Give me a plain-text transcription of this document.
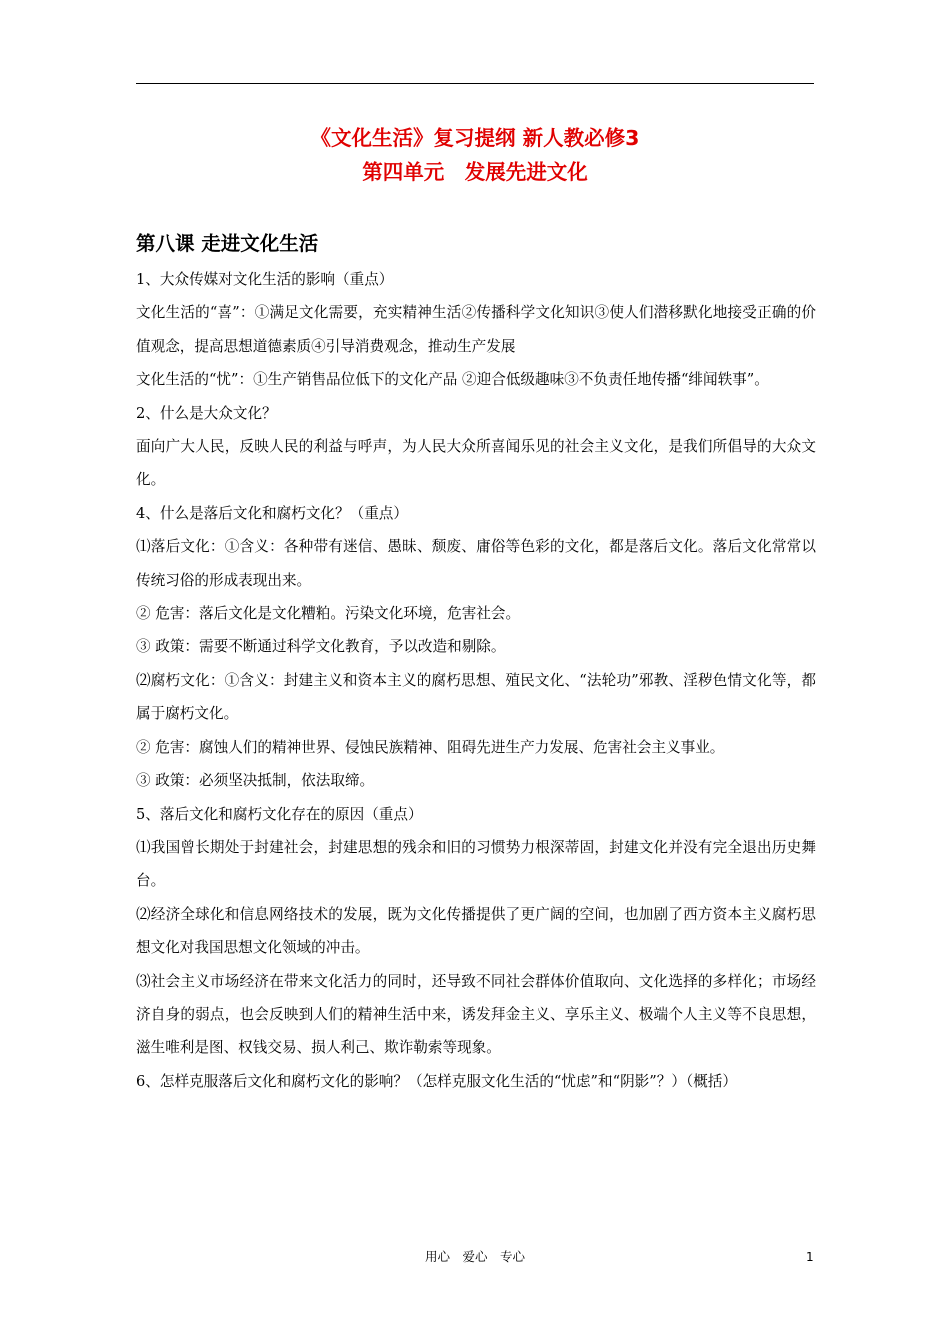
《文化生活》复习提纲 新人教必修3
第四单元　发展先进文化
第八课 走进文化生活

1、大众传媒对文化生活的影响（重点）

文化生活的“喜”：①满足文化需要，充实精神生活②传播科学文化知识③使人们潜移默化地接受正确的价值观念，提高思想道德素质④引导消费观念，推动生产发展

文化生活的“忧”：①生产销售品位低下的文化产品 ②迎合低级趣味③不负责任地传播“绯闻轶事”。

2、什么是大众文化？

面向广大人民，反映人民的利益与呼声，为人民大众所喜闻乐见的社会主义文化，是我们所倡导的大众文化。

4、什么是落后文化和腐朽文化？（重点）

⑴落后文化：①含义：各种带有迷信、愚昧、颓废、庸俗等色彩的文化，都是落后文化。落后文化常常以传统习俗的形成表现出来。

② 危害：落后文化是文化糟粕。污染文化环境，危害社会。

③ 政策：需要不断通过科学文化教育，予以改造和剔除。

⑵腐朽文化：①含义：封建主义和资本主义的腐朽思想、殖民文化、“法轮功”邪教、淫秽色情文化等，都属于腐朽文化。

② 危害：腐蚀人们的精神世界、侵蚀民族精神、阻碍先进生产力发展、危害社会主义事业。

③ 政策：必须坚决抵制，依法取缔。

5、落后文化和腐朽文化存在的原因（重点）

⑴我国曾长期处于封建社会，封建思想的残余和旧的习惯势力根深蒂固，封建文化并没有完全退出历史舞台。

⑵经济全球化和信息网络技术的发展，既为文化传播提供了更广阔的空间，也加剧了西方资本主义腐朽思想文化对我国思想文化领域的冲击。

⑶社会主义市场经济在带来文化活力的同时，还导致不同社会群体价值取向、文化选择的多样化；市场经济自身的弱点，也会反映到人们的精神生活中来，诱发拜金主义、享乐主义、极端个人主义等不良思想，滋生唯利是图、权钱交易、损人利己、欺诈勒索等现象。

6、怎样克服落后文化和腐朽文化的影响？（怎样克服文化生活的“忧虑”和“阴影”？）（概括）

用心　爱心　专心	1
